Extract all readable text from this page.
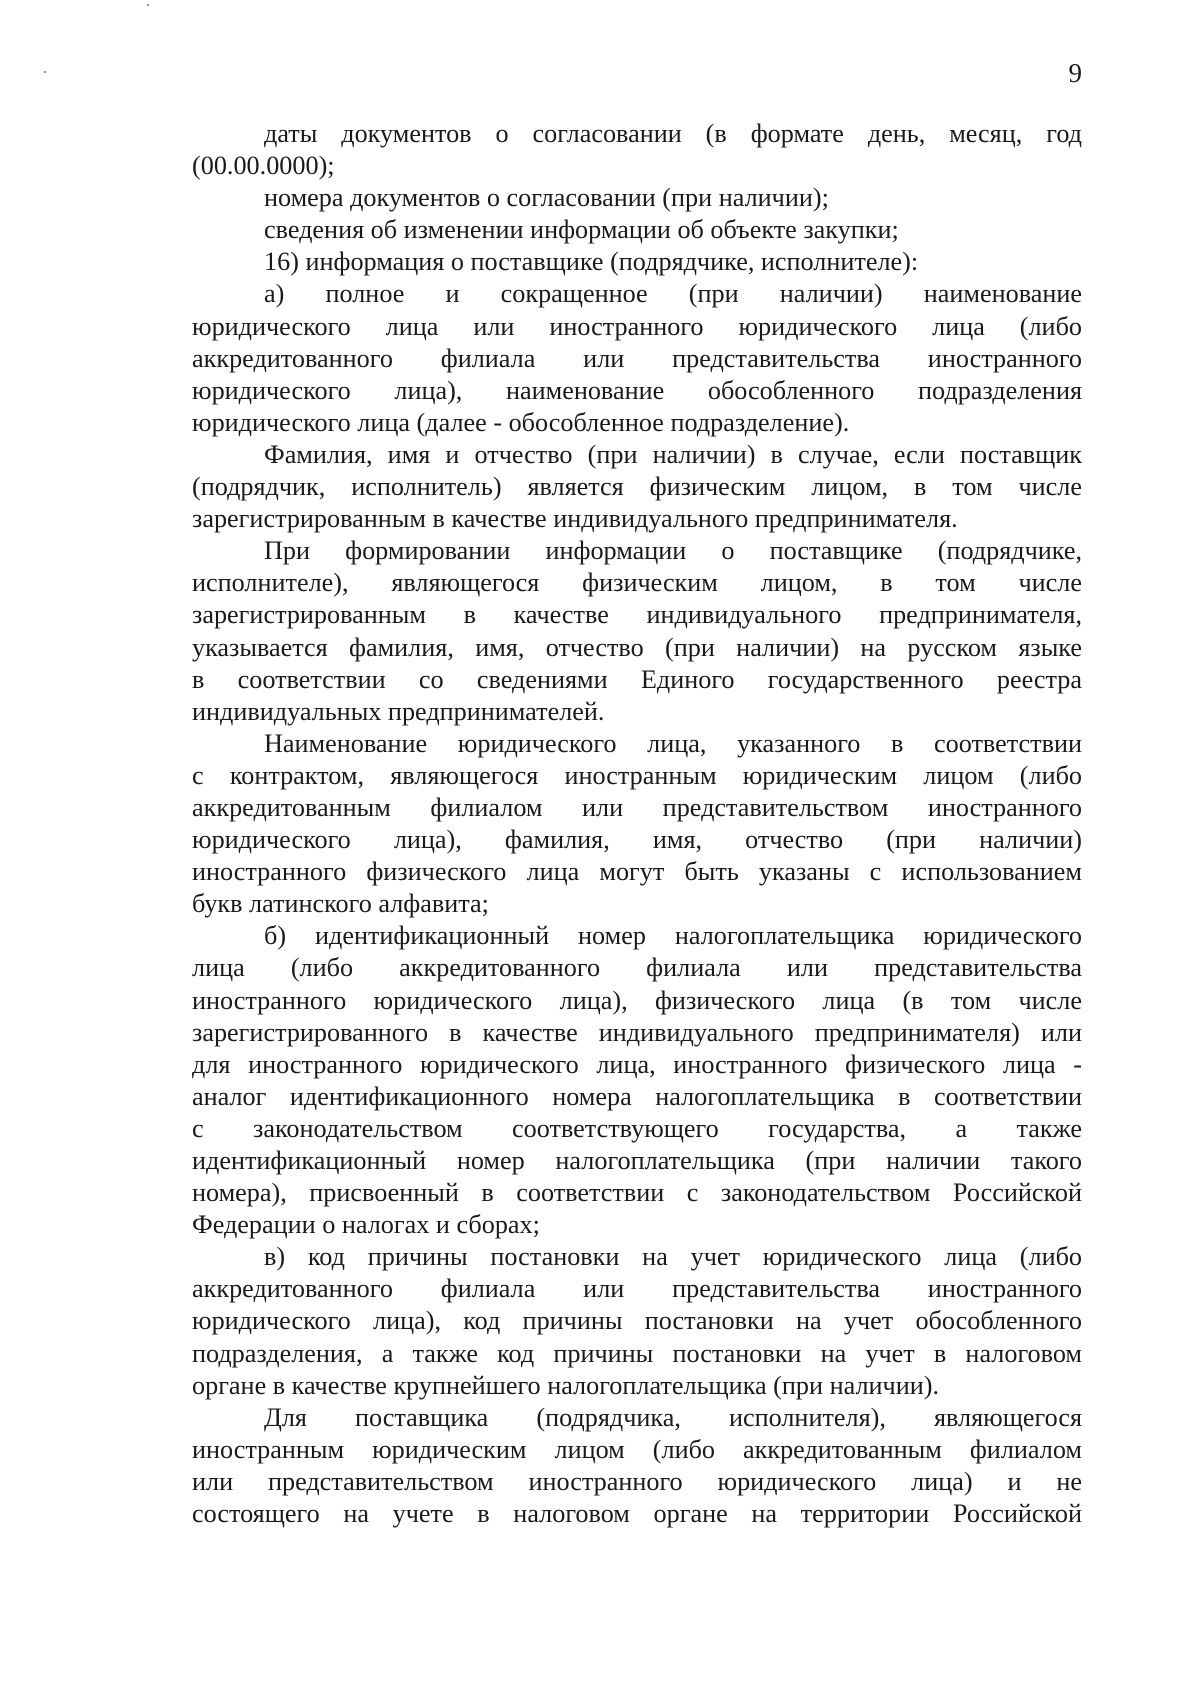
9
даты документов о согласовании (в формате день, месяц, год
(00.00.0000);
номера документов о согласовании (при наличии);
сведения об изменении информации об объекте закупки;
16) информация о поставщике (подрядчике, исполнителе):
а) полное и сокращенное (при наличии) наименование
юридического лица или иностранного юридического лица (либо
аккредитованного филиала или представительства иностранного
юридического лица), наименование обособленного подразделения
юридического лица (далее - обособленное подразделение).
Фамилия, имя и отчество (при наличии) в случае, если поставщик
(подрядчик, исполнитель) является физическим лицом, в том числе
зарегистрированным в качестве индивидуального предпринимателя.
При формировании информации о поставщике (подрядчике,
исполнителе), являющегося физическим лицом, в том числе
зарегистрированным в качестве индивидуального предпринимателя,
указывается фамилия, имя, отчество (при наличии) на русском языке
в соответствии со сведениями Единого государственного реестра
индивидуальных предпринимателей.
Наименование юридического лица, указанного в соответствии
с контрактом, являющегося иностранным юридическим лицом (либо
аккредитованным филиалом или представительством иностранного
юридического лица), фамилия, имя, отчество (при наличии)
иностранного физического лица могут быть указаны с использованием
букв латинского алфавита;
б) идентификационный номер налогоплательщика юридического
лица (либо аккредитованного филиала или представительства
иностранного юридического лица), физического лица (в том числе
зарегистрированного в качестве индивидуального предпринимателя) или
для иностранного юридического лица, иностранного физического лица -
аналог идентификационного номера налогоплательщика в соответствии
с законодательством соответствующего государства, а также
идентификационный номер налогоплательщика (при наличии такого
номера), присвоенный в соответствии с законодательством Российской
Федерации о налогах и сборах;
в) код причины постановки на учет юридического лица (либо
аккредитованного филиала или представительства иностранного
юридического лица), код причины постановки на учет обособленного
подразделения, а также код причины постановки на учет в налоговом
органе в качестве крупнейшего налогоплательщика (при наличии).
Для поставщика (подрядчика, исполнителя), являющегося
иностранным юридическим лицом (либо аккредитованным филиалом
или представительством иностранного юридического лица) и не
состоящего на учете в налоговом органе на территории Российской
